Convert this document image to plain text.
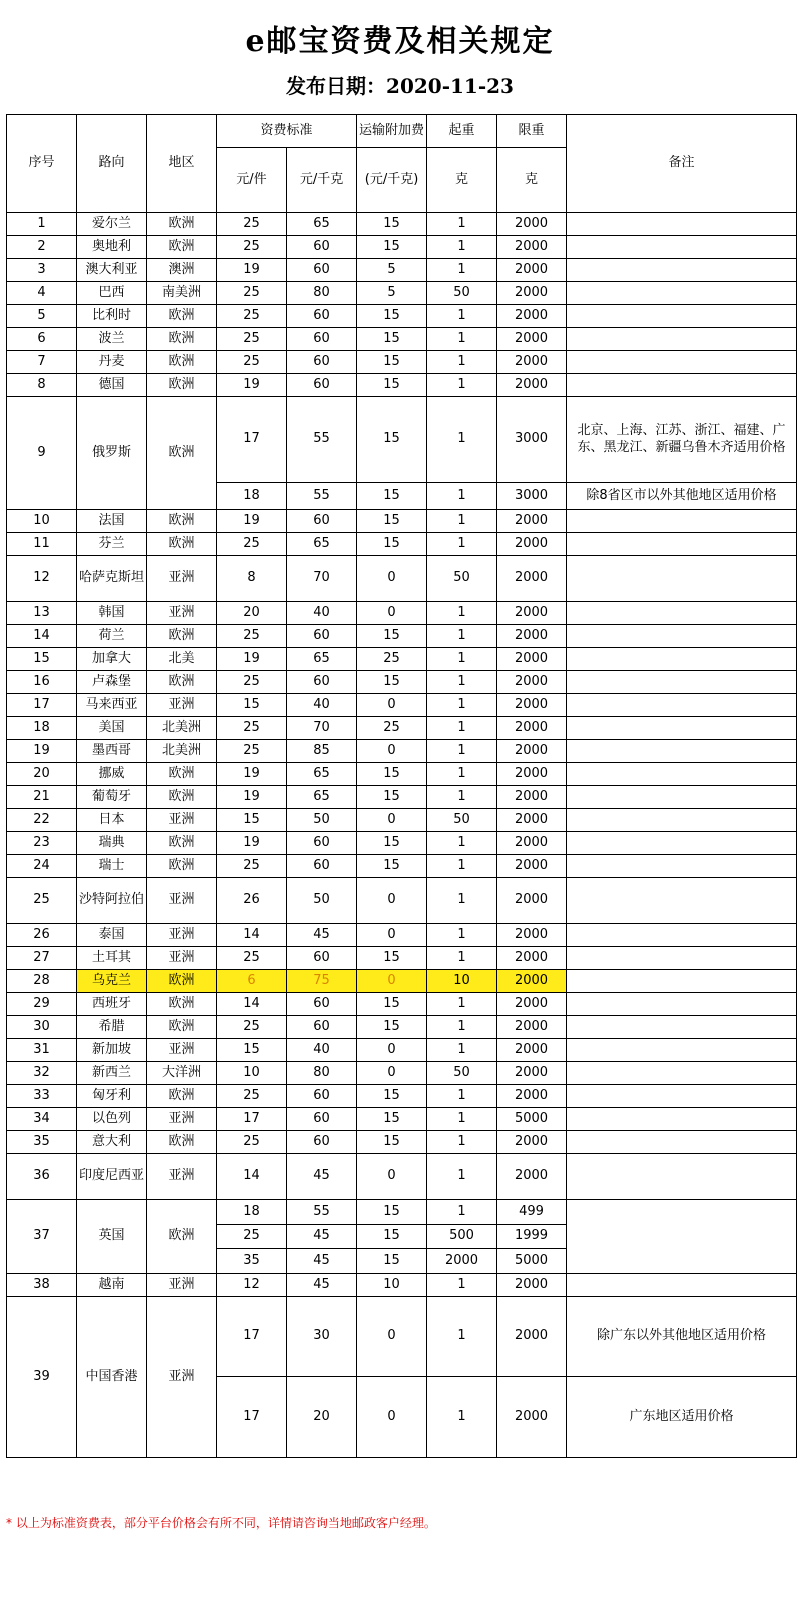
e邮宝资费及相关规定
发布日期：2020-11-23
序号	路向	地区	资费标准		运输附加费	起重	限重	备注
			元/件	元/千克	(元/千克)	克	克	
1	爱尔兰	欧洲	25	65	15	1	2000	
2	奥地利	欧洲	25	60	15	1	2000	
3	澳大利亚	澳洲	19	60	5	1	2000	
4	巴西	南美洲	25	80	5	50	2000	
5	比利时	欧洲	25	60	15	1	2000	
6	波兰	欧洲	25	60	15	1	2000	
7	丹麦	欧洲	25	60	15	1	2000	
8	德国	欧洲	19	60	15	1	2000	
9	俄罗斯	欧洲	17	55	15	1	3000	北京、上海、江苏、浙江、福建、广东、黑龙江、新疆乌鲁木齐适用价格
			18	55	15	1	3000	除8省区市以外其他地区适用价格
10	法国	欧洲	19	60	15	1	2000	
11	芬兰	欧洲	25	65	15	1	2000	
12	哈萨克斯坦	亚洲	8	70	0	50	2000	
13	韩国	亚洲	20	40	0	1	2000	
14	荷兰	欧洲	25	60	15	1	2000	
15	加拿大	北美	19	65	25	1	2000	
16	卢森堡	欧洲	25	60	15	1	2000	
17	马来西亚	亚洲	15	40	0	1	2000	
18	美国	北美洲	25	70	25	1	2000	
19	墨西哥	北美洲	25	85	0	1	2000	
20	挪威	欧洲	19	65	15	1	2000	
21	葡萄牙	欧洲	19	65	15	1	2000	
22	日本	亚洲	15	50	0	50	2000	
23	瑞典	欧洲	19	60	15	1	2000	
24	瑞士	欧洲	25	60	15	1	2000	
25	沙特阿拉伯	亚洲	26	50	0	1	2000	
26	泰国	亚洲	14	45	0	1	2000	
27	土耳其	亚洲	25	60	15	1	2000	
28	乌克兰	欧洲	6	75	0	10	2000	
29	西班牙	欧洲	14	60	15	1	2000	
30	希腊	欧洲	25	60	15	1	2000	
31	新加坡	亚洲	15	40	0	1	2000	
32	新西兰	大洋洲	10	80	0	50	2000	
33	匈牙利	欧洲	25	60	15	1	2000	
34	以色列	亚洲	17	60	15	1	5000	
35	意大利	欧洲	25	60	15	1	2000	
36	印度尼西亚	亚洲	14	45	0	1	2000	
37	英国	欧洲	18	55	15	1	499	
			25	45	15	500	1999	
			35	45	15	2000	5000	
38	越南	亚洲	12	45	10	1	2000	
39	中国香港	亚洲	17	30	0	1	2000	除广东以外其他地区适用价格
			17	20	0	1	2000	广东地区适用价格
* 以上为标准资费表，部分平台价格会有所不同，详情请咨询当地邮政客户经理。
